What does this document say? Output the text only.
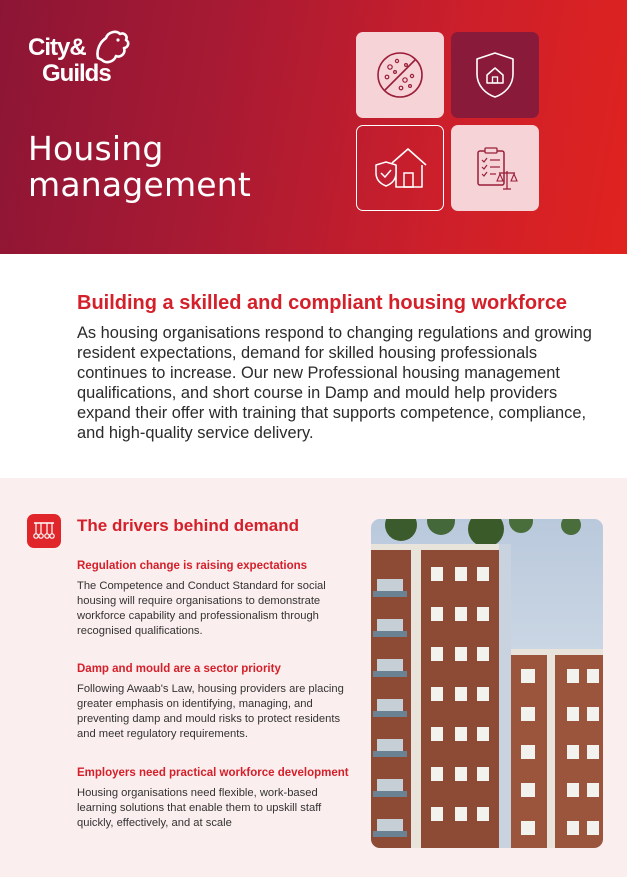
City&
Guilds
Housing
management
Building a skilled and compliant housing workforce
As housing organisations respond to changing regulations and growing resident expectations, demand for skilled housing professionals continues to increase. Our new Professional housing management qualifications, and short course in Damp and mould help providers expand their offer with training that supports competence, compliance, and high-quality service delivery.
The drivers behind demand

Regulation change is raising expectations

The Competence and Conduct Standard for social housing will require organisations to demonstrate workforce capability and professionalism through recognised qualifications.

Damp and mould are a sector priority

Following Awaab's Law, housing providers are placing greater emphasis on identifying, managing, and preventing damp and mould risks to protect residents and meet regulatory requirements.

Employers need practical workforce development

Housing organisations need flexible, work-based learning solutions that enable them to upskill staff quickly, effectively, and at scale
